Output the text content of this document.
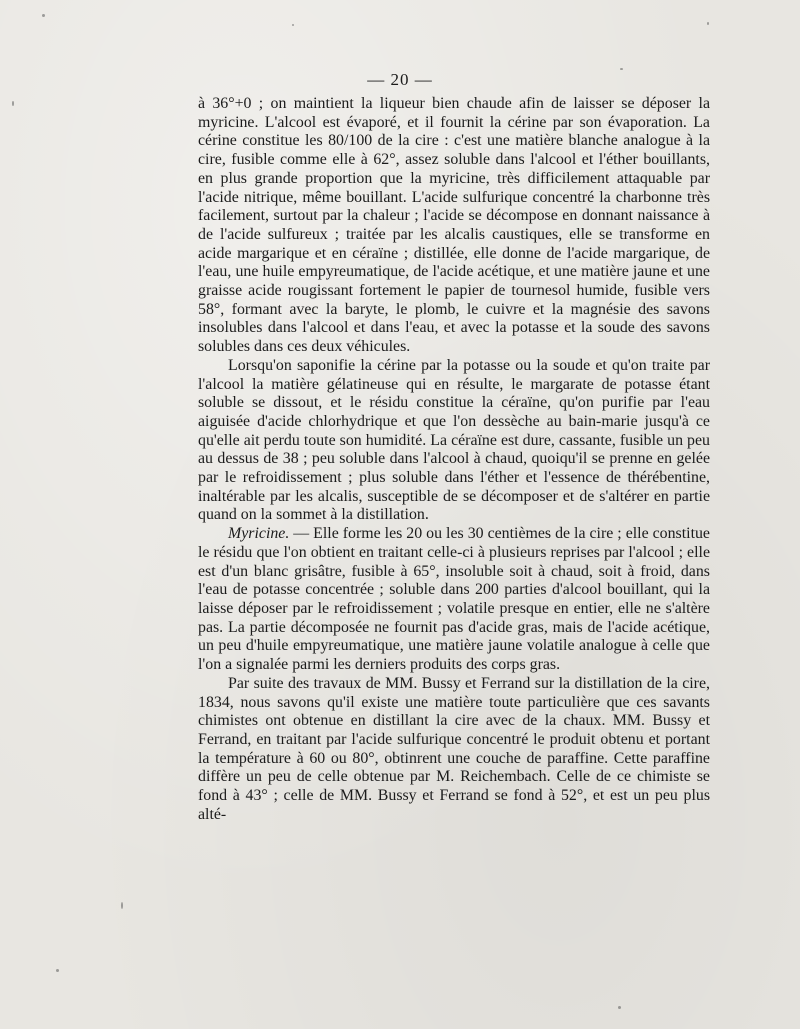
— 20 —

à 36°+0 ; on maintient la liqueur bien chaude afin de laisser se déposer la myricine. L'alcool est évaporé, et il fournit la cérine par son évaporation. La cérine constitue les 80/100 de la cire : c'est une matière blanche analogue à la cire, fusible comme elle à 62°, assez soluble dans l'alcool et l'éther bouillants, en plus grande proportion que la myricine, très difficilement attaquable par l'acide nitrique, même bouillant. L'acide sulfurique concentré la charbonne très facilement, surtout par la chaleur ; l'acide se décompose en donnant naissance à de l'acide sulfureux ; traitée par les alcalis caustiques, elle se transforme en acide margarique et en céraïne ; distillée, elle donne de l'acide margarique, de l'eau, une huile empyreumatique, de l'acide acétique, et une matière jaune et une graisse acide rougissant fortement le papier de tournesol humide, fusible vers 58°, formant avec la baryte, le plomb, le cuivre et la magnésie des savons insolubles dans l'alcool et dans l'eau, et avec la potasse et la soude des savons solubles dans ces deux véhicules.

Lorsqu'on saponifie la cérine par la potasse ou la soude et qu'on traite par l'alcool la matière gélatineuse qui en résulte, le margarate de potasse étant soluble se dissout, et le résidu constitue la céraïne, qu'on purifie par l'eau aiguisée d'acide chlorhydrique et que l'on dessèche au bain-marie jusqu'à ce qu'elle ait perdu toute son humidité. La céraïne est dure, cassante, fusible un peu au dessus de 38 ; peu soluble dans l'alcool à chaud, quoiqu'il se prenne en gelée par le refroidissement ; plus soluble dans l'éther et l'essence de thérébentine, inaltérable par les alcalis, susceptible de se décomposer et de s'altérer en partie quand on la sommet à la distillation.

Myricine. — Elle forme les 20 ou les 30 centièmes de la cire ; elle constitue le résidu que l'on obtient en traitant celle-ci à plusieurs reprises par l'alcool ; elle est d'un blanc grisâtre, fusible à 65°, insoluble soit à chaud, soit à froid, dans l'eau de potasse concentrée ; soluble dans 200 parties d'alcool bouillant, qui la laisse déposer par le refroidissement ; volatile presque en entier, elle ne s'altère pas. La partie décomposée ne fournit pas d'acide gras, mais de l'acide acétique, un peu d'huile empyreumatique, une matière jaune volatile analogue à celle que l'on a signalée parmi les derniers produits des corps gras.

Par suite des travaux de MM. Bussy et Ferrand sur la distillation de la cire, 1834, nous savons qu'il existe une matière toute particulière que ces savants chimistes ont obtenue en distillant la cire avec de la chaux. MM. Bussy et Ferrand, en traitant par l'acide sulfurique concentré le produit obtenu et portant la température à 60 ou 80°, obtinrent une couche de paraffine. Cette paraffine diffère un peu de celle obtenue par M. Reichembach. Celle de ce chimiste se fond à 43° ; celle de MM. Bussy et Ferrand se fond à 52°, et est un peu plus alté-
